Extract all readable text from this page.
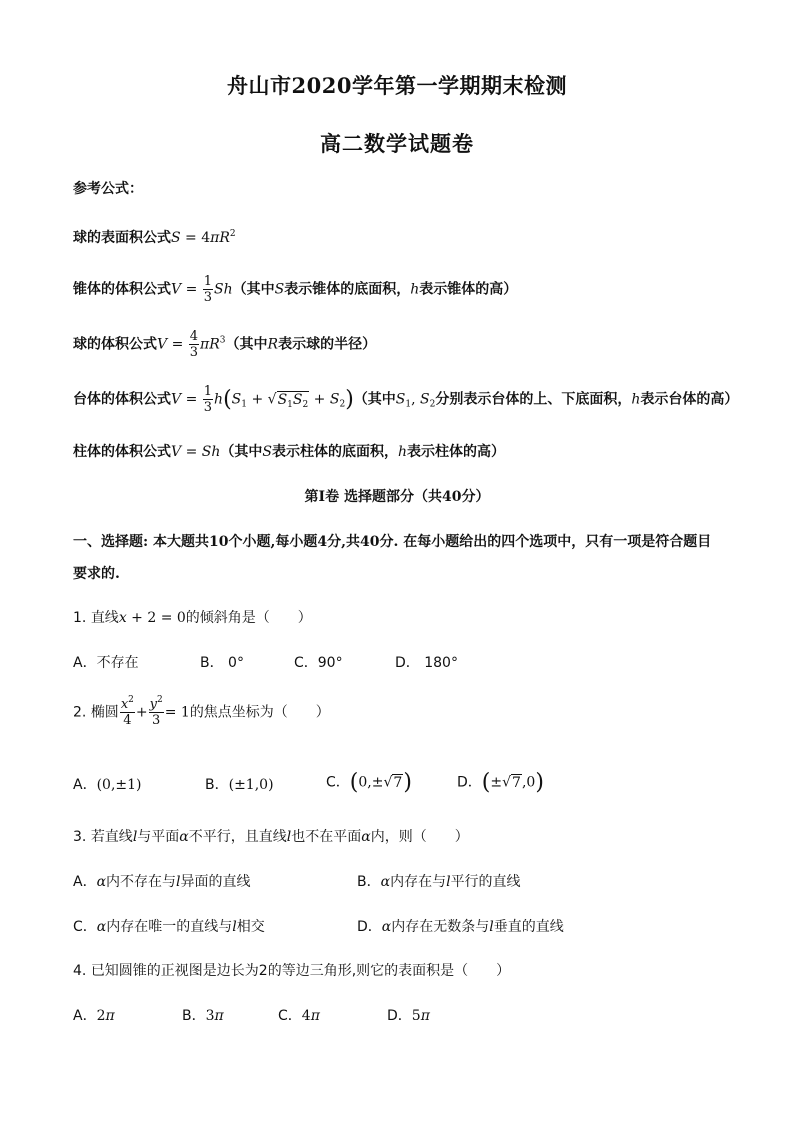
舟山市2020学年第一学期期末检测
高二数学试题卷
参考公式：
球的表面积公式$S = 4\pi R^2$
锥体的体积公式$V = \frac{1}{3} Sh$（其中S表示锥体的底面积，h表示锥体的高）
球的体积公式$V = \frac{4}{3} \pi R^3$（其中R表示球的半径）
台体的体积公式$V = \frac{1}{3} h(S_1 + √S_1S_2 + S_2)$（其中$S_1$, $S_2$分别表示台体的上、下底面积，h表示台体的高）
柱体的体积公式V = Sh（其中S表示柱体的底面积，h表示柱体的高）
第Ⅰ卷 选择题部分（共40分）
一、选择题: 本大题共10个小题,每小题4分,共40分. 在每小题给出的四个选项中，只有一项是符合题目
要求的.
1. 直线x + 2 = 0的倾斜角是（　　）
A．不存在	B． 0°	C．90°	D． 180°
2. 椭圆 $\frac{x^2}{4} + \frac{y^2}{3} = 1$的焦点坐标为（　　）
A．(0,±1)	B．(±1,0)	C．(0,±√7)	D．(±√7,0)
3. 若直线l与平面α不平行，且直线l也不在平面α内，则（　　）
A．α内不存在与l异面的直线	B．α内存在与l平行的直线
C．α内存在唯一的直线与l相交	D．α内存在无数条与l垂直的直线
4. 已知圆锥的正视图是边长为2的等边三角形,则它的表面积是（　　）
A．2π	B．3π	C．4π	D．5π
